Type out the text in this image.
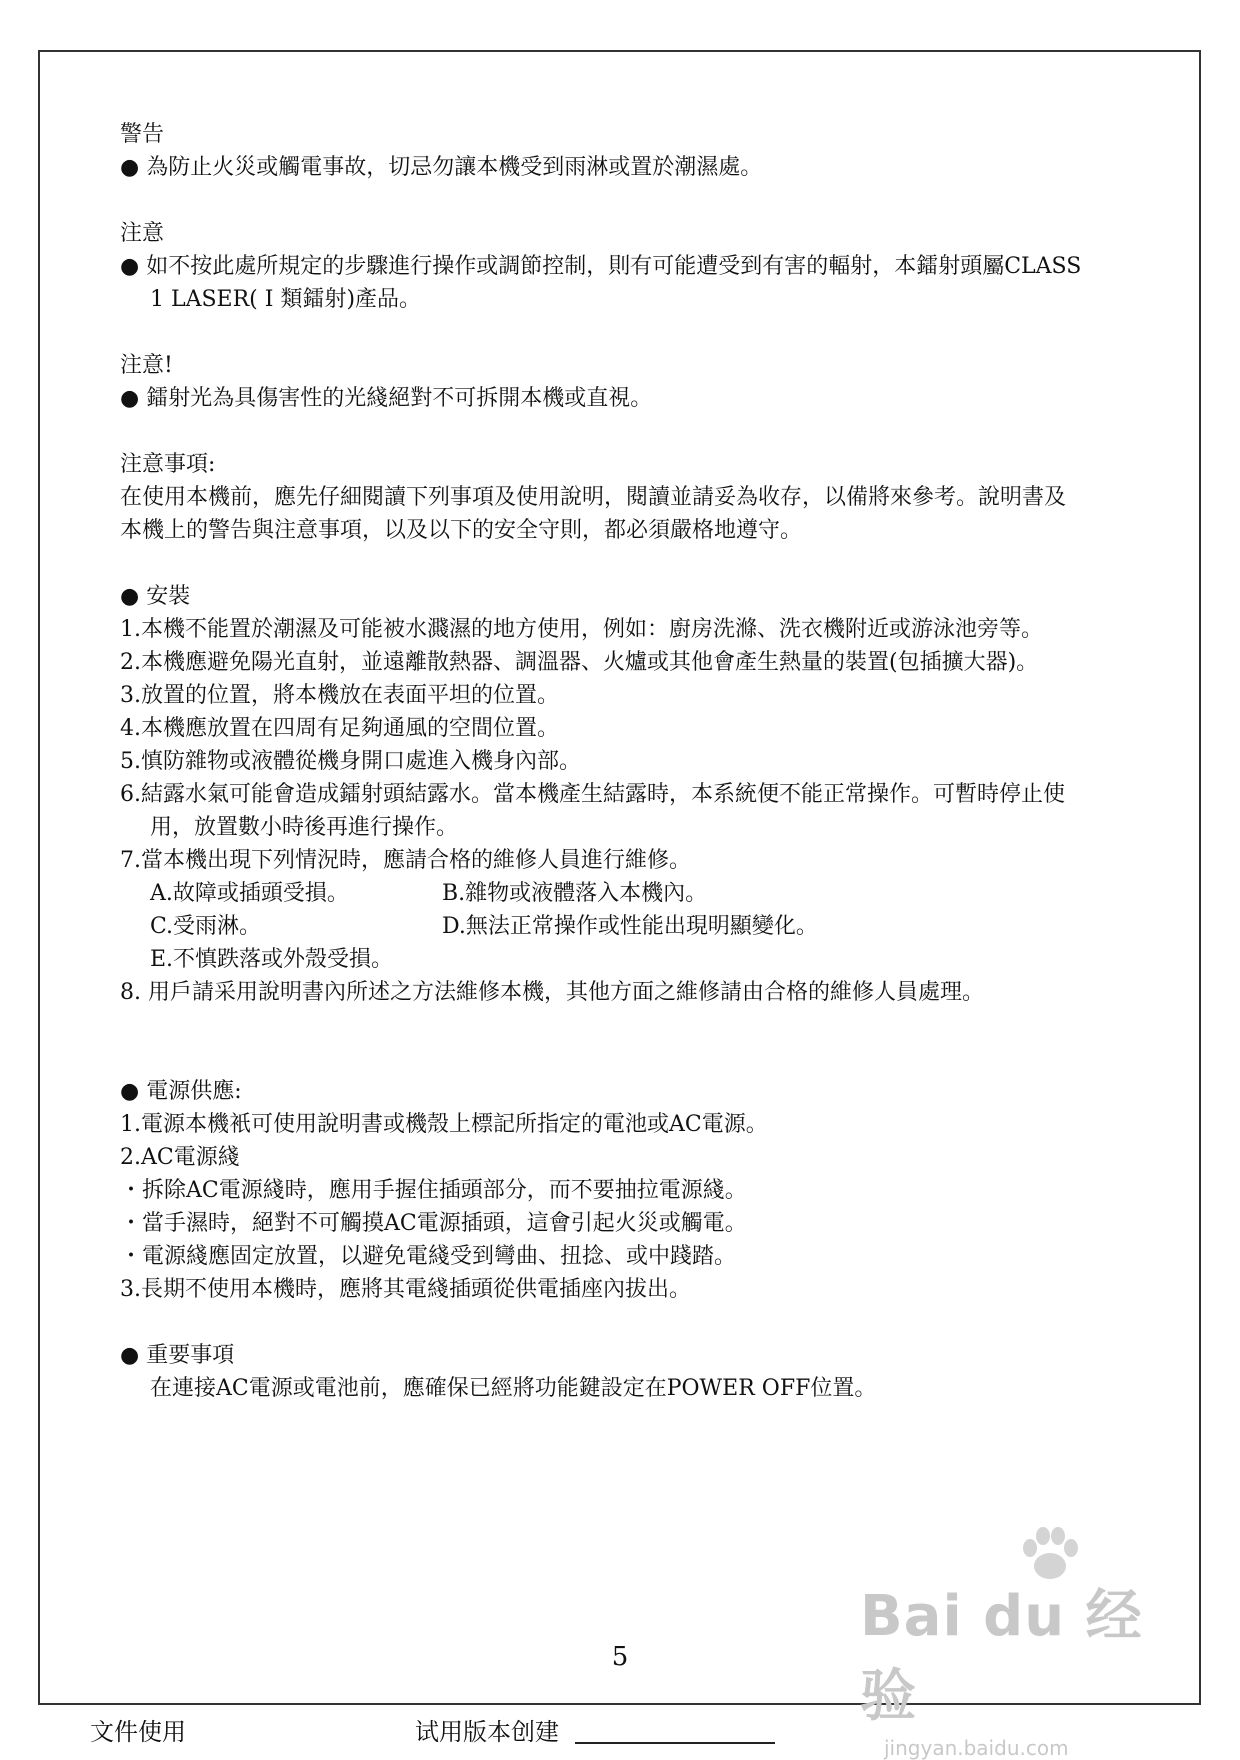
警告
● 為防止火災或觸電事故，切忌勿讓本機受到雨淋或置於潮濕處。
注意
● 如不按此處所規定的步驟進行操作或調節控制，則有可能遭受到有害的輻射，本鐳射頭屬CLASS
1 LASER( Ⅰ 類鐳射)產品。
注意!
● 鐳射光為具傷害性的光綫絕對不可拆開本機或直視。
注意事項:
在使用本機前，應先仔細閱讀下列事項及使用說明，閱讀並請妥為收存，以備將來參考。說明書及
本機上的警告與注意事項，以及以下的安全守則，都必須嚴格地遵守。
● 安裝
1.本機不能置於潮濕及可能被水濺濕的地方使用，例如：廚房洗滌、洗衣機附近或游泳池旁等。
2.本機應避免陽光直射，並遠離散熱器、調溫器、火爐或其他會產生熱量的裝置(包插擴大器)。
3.放置的位置，將本機放在表面平坦的位置。
4.本機應放置在四周有足夠通風的空間位置。
5.慎防雜物或液體從機身開口處進入機身內部。
6.結露水氣可能會造成鐳射頭結露水。當本機產生結露時，本系統便不能正常操作。可暫時停止使
用，放置數小時後再進行操作。
7.當本機出現下列情況時，應請合格的維修人員進行維修。
A.故障或插頭受損。	B.雜物或液體落入本機內。
C.受雨淋。	D.無法正常操作或性能出現明顯變化。
E.不慎跌落或外殼受損。
8. 用戶請采用說明書內所述之方法維修本機，其他方面之維修請由合格的維修人員處理。
● 電源供應:
1.電源本機衹可使用說明書或機殼上標記所指定的電池或AC電源。
2.AC電源綫
・拆除AC電源綫時，應用手握住插頭部分，而不要抽拉電源綫。
・當手濕時，絕對不可觸摸AC電源插頭，這會引起火災或觸電。
・電源綫應固定放置，以避免電綫受到彎曲、扭捻、或中踐踏。
3.長期不使用本機時，應將其電綫插頭從供電插座內拔出。
● 重要事項
在連接AC電源或電池前，應確保已經將功能鍵設定在POWER OFF位置。
5
Bai du 经验
jingyan.baidu.com
文件使用	试用版本创建
